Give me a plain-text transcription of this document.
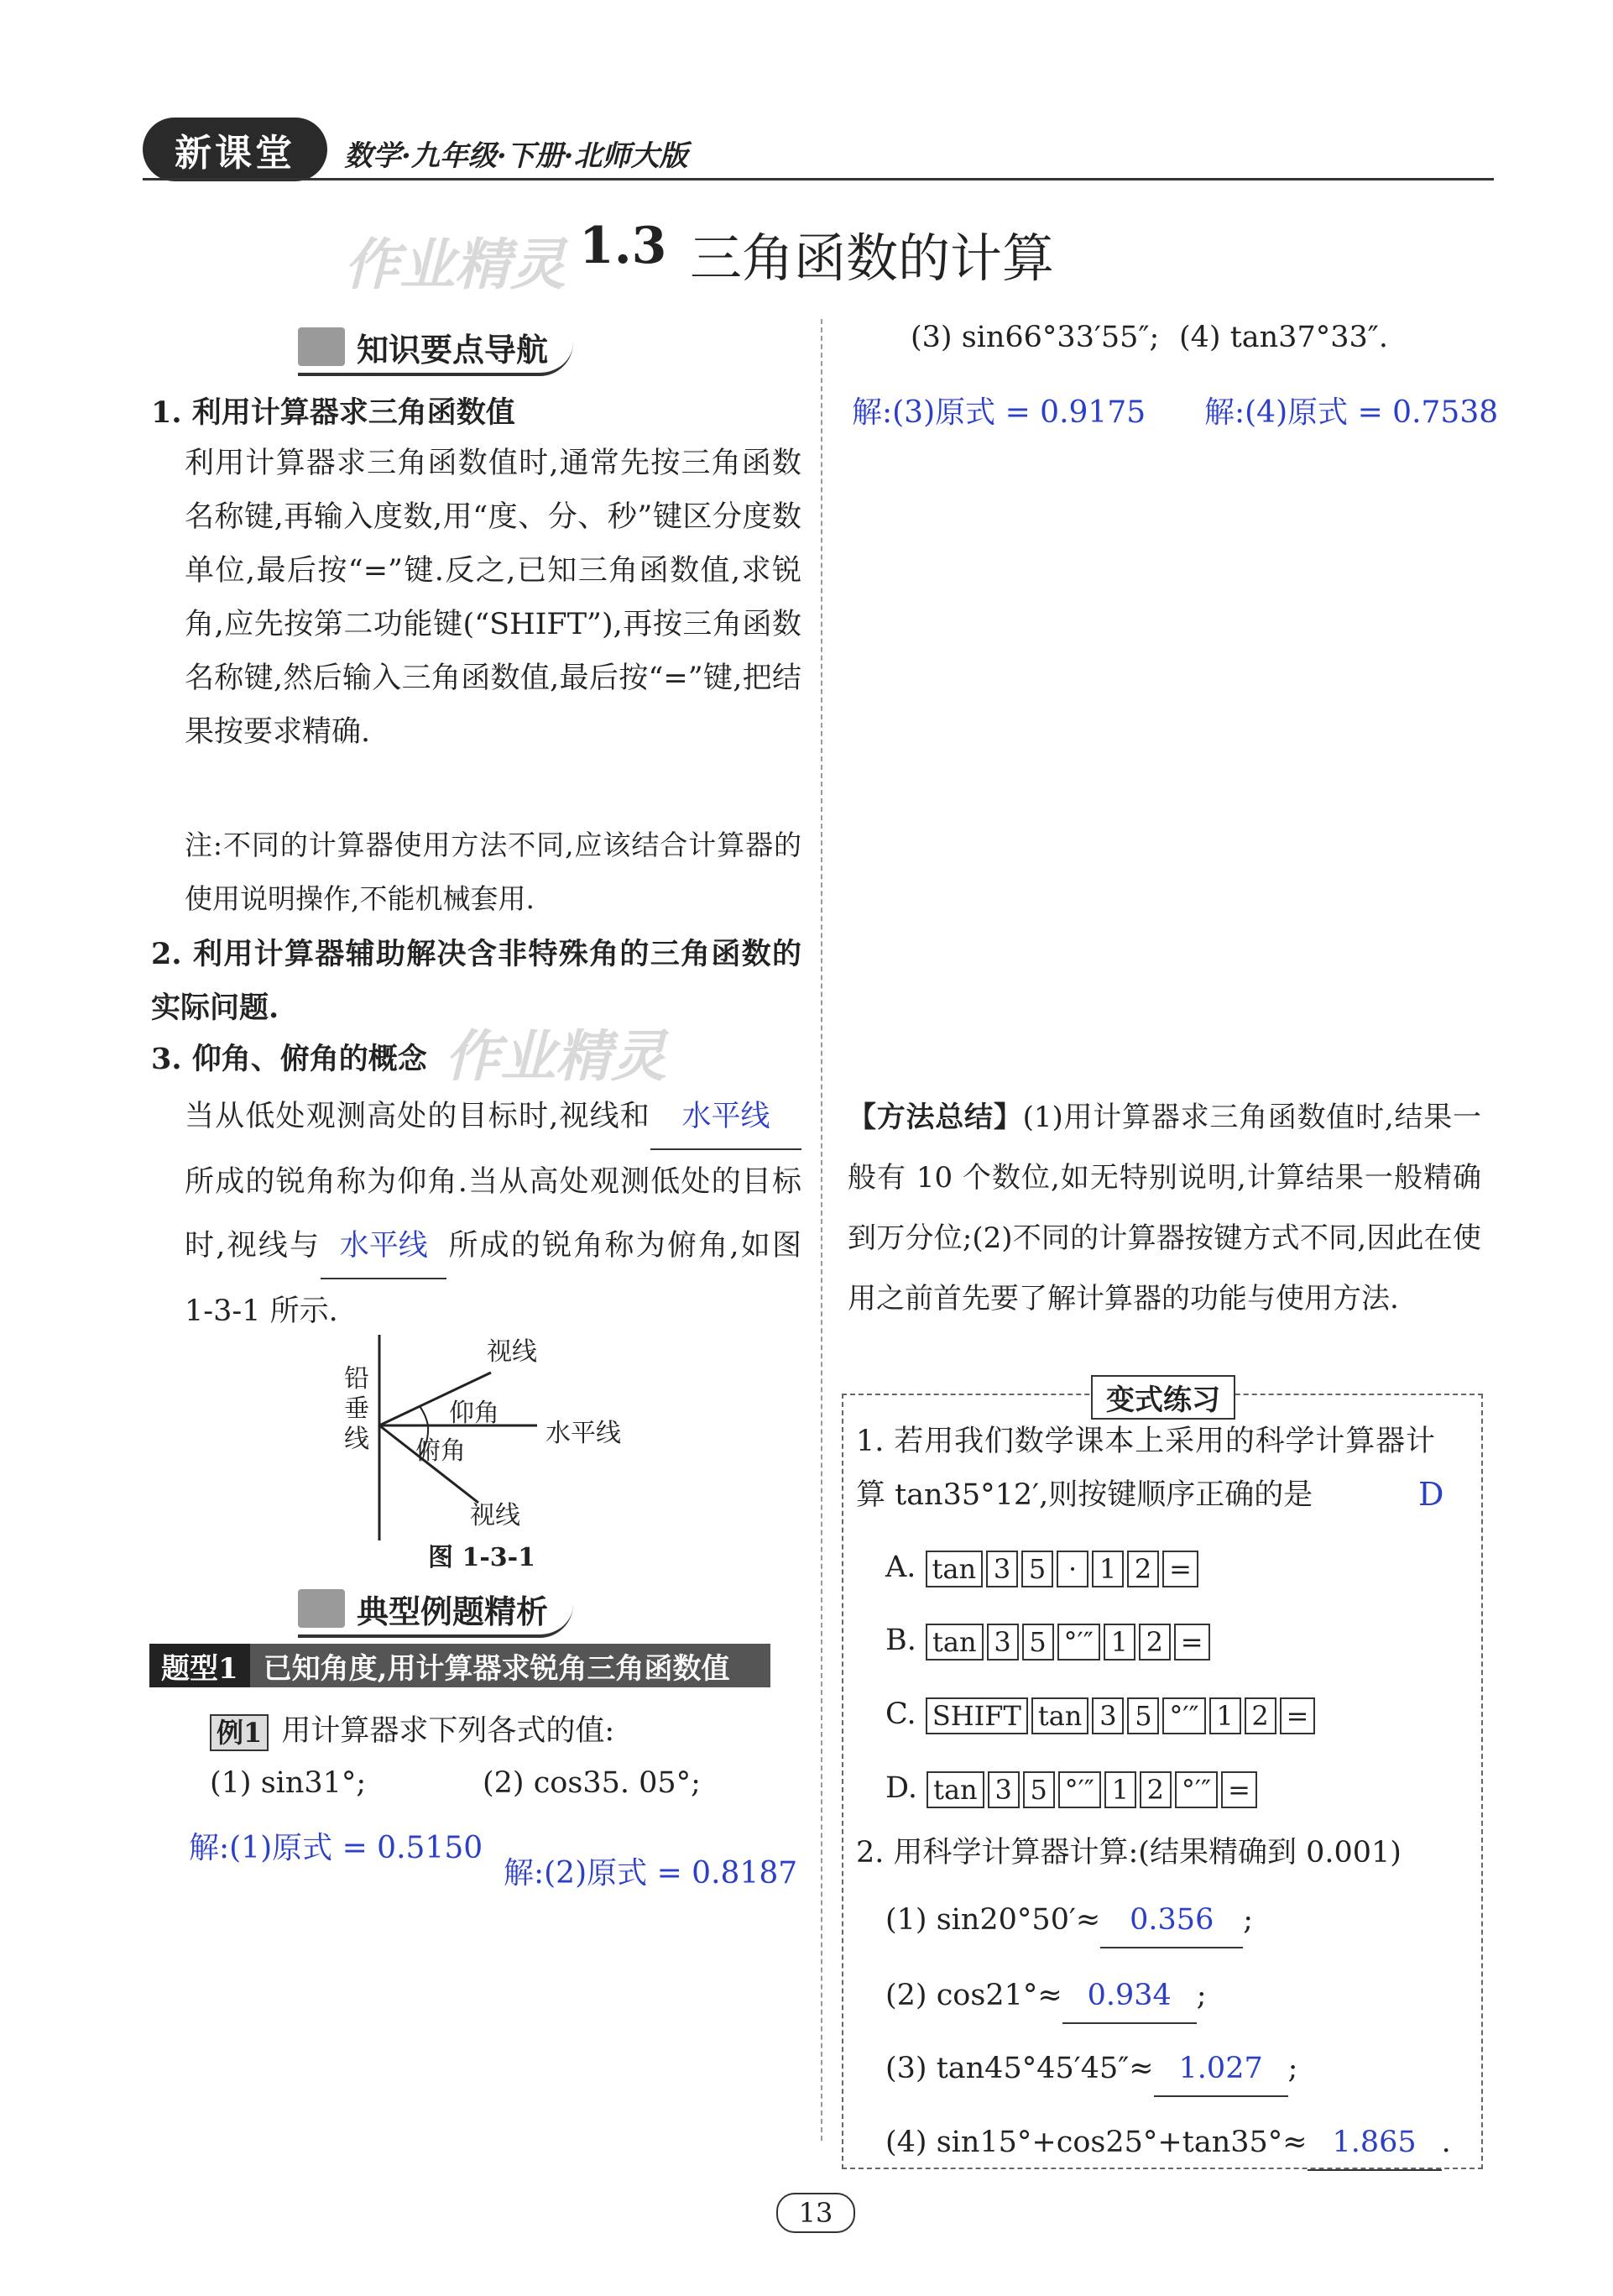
新课堂	数学·九年级·下册·北师大版
作业精灵 1.3 三角函数的计算
知识要点导航
1. 利用计算器求三角函数值
利用计算器求三角函数值时,通常先按三角函数名称键,再输入度数,用“度、分、秒”键区分度数单位,最后按“=”键.反之,已知三角函数值,求锐角,应先按第二功能键(“SHIFT”),再按三角函数名称键,然后输入三角函数值,最后按“=”键,把结果按要求精确.
注:不同的计算器使用方法不同,应该结合计算器的使用说明操作,不能机械套用.
2. 利用计算器辅助解决含非特殊角的三角函数的实际问题.
3. 仰角、俯角的概念 作业精灵
当从低处观测高处的目标时,视线和 水平线所成的锐角称为仰角.当从高处观测低处的目标时,视线与 水平线 所成的锐角称为俯角,如图 1-3-1 所示.
铅垂线
视线
仰角
水平线
俯角
视线
图 1-3-1
典型例题精析
题型1 已知角度,用计算器求锐角三角函数值
例1 用计算器求下列各式的值:
(1) sin31°;	(2) cos35. 05°;
解:(1)原式 = 0.5150
解:(2)原式 = 0.8187
(3) sin66°33′55″; (4) tan37°33″.
解:(3)原式 = 0.9175 解:(4)原式 = 0.7538
【方法总结】(1)用计算器求三角函数值时,结果一般有 10 个数位,如无特别说明,计算结果一般精确到万分位;(2)不同的计算器按键方式不同,因此在使用之前首先要了解计算器的功能与使用方法.
变式练习
1. 若用我们数学课本上采用的科学计算器计算 tan35°12′,则按键顺序正确的是	D
A. tan 3 5 · 1 2 =
B. tan 3 5 °′″ 1 2 =
C. SHIFT tan 3 5 °′″ 1 2 =
D. tan 3 5 °′″ 1 2 °′″ =
2. 用科学计算器计算:(结果精确到 0.001)
(1) sin20°50′≈ 0.356 ;
(2) cos21°≈ 0.934 ;
(3) tan45°45′45″≈ 1.027 ;
(4) sin15°+cos25°+tan35°≈ 1.865 .
13
